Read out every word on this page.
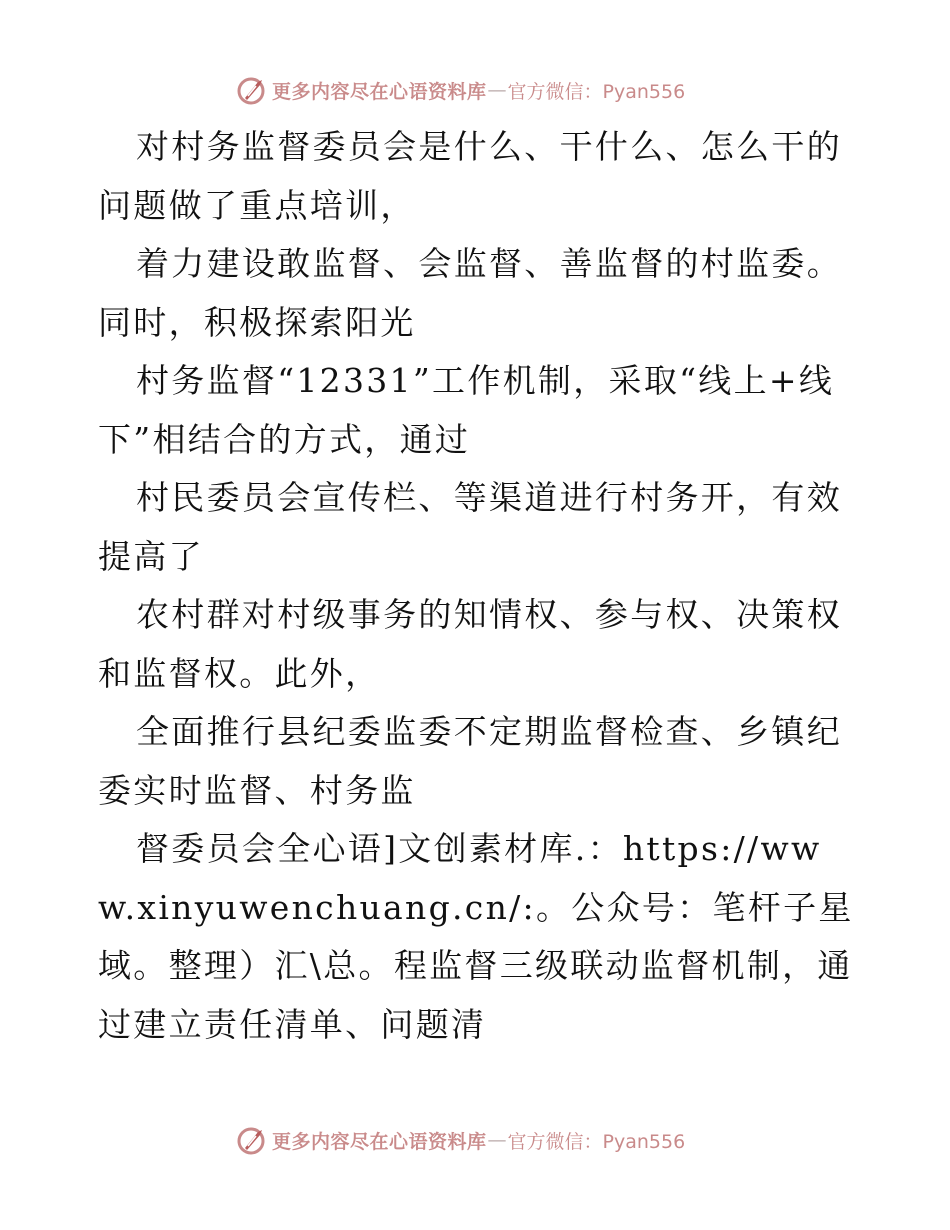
更多内容尽在心语资料库 — 官方微信：Pyan556

对村务监督委员会是什么、干什么、怎么干的问题做了重点培训，

着力建设敢监督、会监督、善监督的村监委。同时，积极探索阳光

村务监督“12331”工作机制，采取“线上+线下”相结合的方式，通过

村民委员会宣传栏、等渠道进行村务开，有效提高了

农村群对村级事务的知情权、参与权、决策权和监督权。此外，

全面推行县纪委监委不定期监督检查、乡镇纪委实时监督、村务监

督委员会全心语]文创素材库.：https://www.xinyuwenchuang.cn/:。公众号：笔杆子星域。整理）汇\总。程监督三级联动监督机制，通过建立责任清单、问题清

更多内容尽在心语资料库 — 官方微信：Pyan556
